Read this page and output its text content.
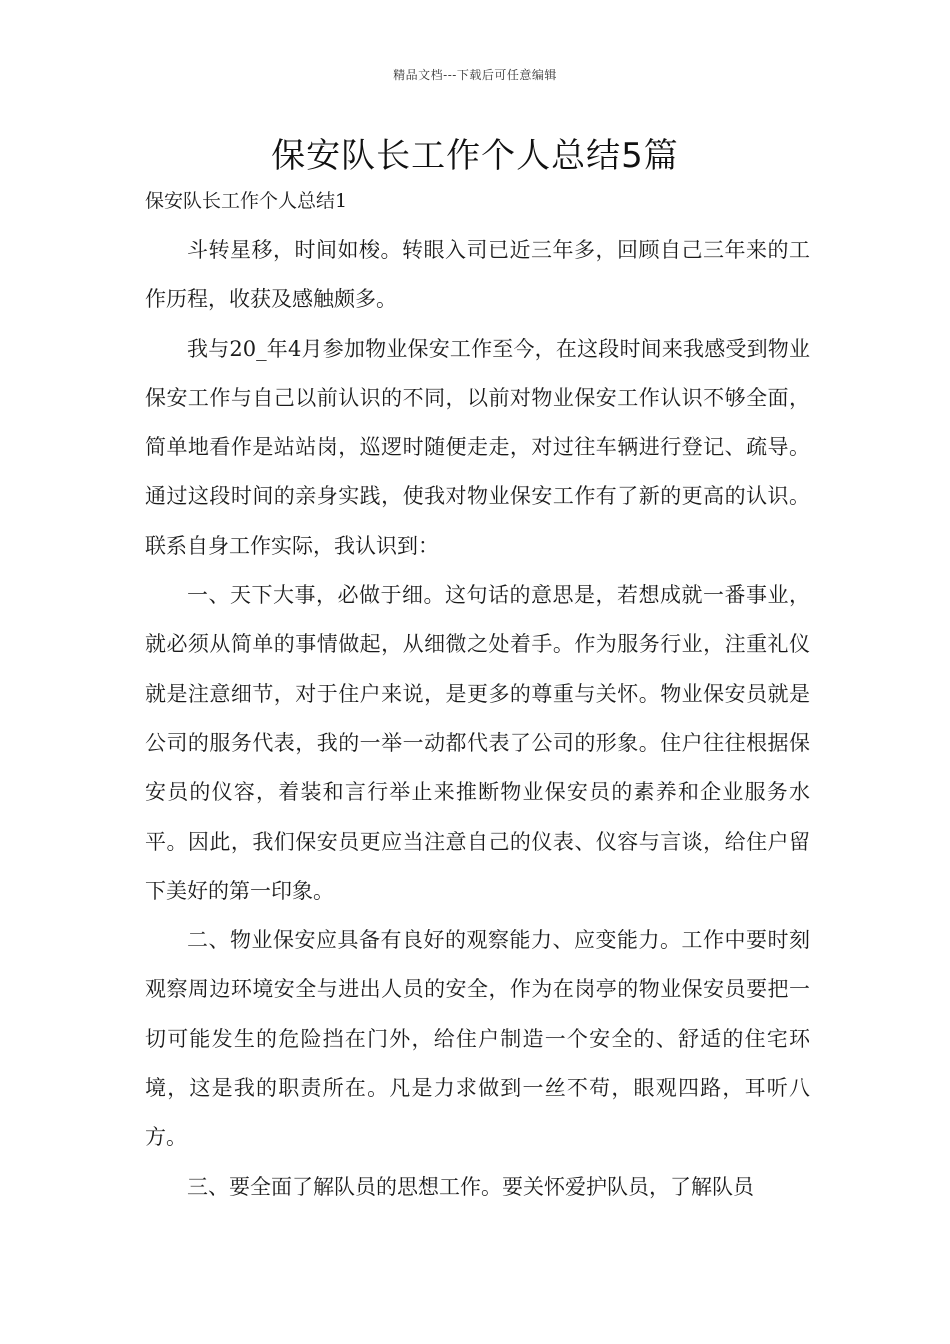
精品文档---下载后可任意编辑
保安队长工作个人总结5篇
保安队长工作个人总结1

斗转星移，时间如梭。转眼入司已近三年多，回顾自己三年来的工作历程，收获及感触颇多。

我与20_年4月参加物业保安工作至今，在这段时间来我感受到物业保安工作与自己以前认识的不同，以前对物业保安工作认识不够全面，简单地看作是站站岗，巡逻时随便走走，对过往车辆进行登记、疏导。通过这段时间的亲身实践，使我对物业保安工作有了新的更高的认识。联系自身工作实际，我认识到：

一、天下大事，必做于细。这句话的意思是，若想成就一番事业，就必须从简单的事情做起，从细微之处着手。作为服务行业，注重礼仪就是注意细节，对于住户来说，是更多的尊重与关怀。物业保安员就是公司的服务代表，我的一举一动都代表了公司的形象。住户往往根据保安员的仪容，着装和言行举止来推断物业保安员的素养和企业服务水平。因此，我们保安员更应当注意自己的仪表、仪容与言谈，给住户留下美好的第一印象。

二、物业保安应具备有良好的观察能力、应变能力。工作中要时刻观察周边环境安全与进出人员的安全，作为在岗亭的物业保安员要把一切可能发生的危险挡在门外，给住户制造一个安全的、舒适的住宅环境，这是我的职责所在。凡是力求做到一丝不苟，眼观四路，耳听八方。

三、要全面了解队员的思想工作。要关怀爱护队员，了解队员
